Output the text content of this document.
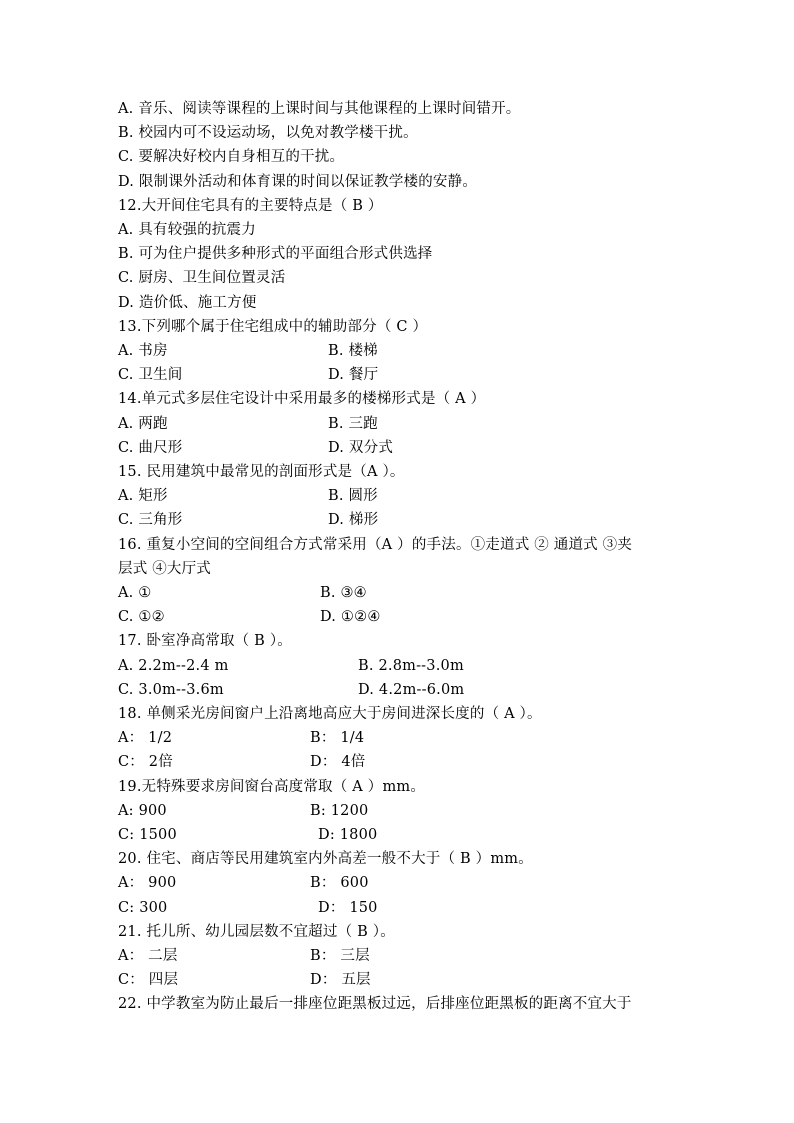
A. 音乐、阅读等课程的上课时间与其他课程的上课时间错开。
B. 校园内可不设运动场，以免对教学楼干扰。
C. 要解决好校内自身相互的干扰。
D. 限制课外活动和体育课的时间以保证教学楼的安静。
12.大开间住宅具有的主要特点是（ B ）
A. 具有较强的抗震力
B. 可为住户提供多种形式的平面组合形式供选择
C. 厨房、卫生间位置灵活
D. 造价低、施工方便
13.下列哪个属于住宅组成中的辅助部分（ C ）
A. 书房	B. 楼梯
C. 卫生间	D. 餐厅
14.单元式多层住宅设计中采用最多的楼梯形式是（ A ）
A. 两跑	B. 三跑
C. 曲尺形	D. 双分式
15. 民用建筑中最常见的剖面形式是（A ）。
A. 矩形	B. 圆形
C. 三角形	D. 梯形
16. 重复小空间的空间组合方式常采用（A ）的手法。①走道式 ② 通道式 ③夹
层式 ④大厅式
A. ①	B. ③④
C. ①②	D. ①②④
17. 卧室净高常取（ B ）。
A. 2.2m--2.4 m	B. 2.8m--3.0m
C. 3.0m--3.6m	D. 4.2m--6.0m
18. 单侧采光房间窗户上沿离地高应大于房间进深长度的（ A ）。
A： 1/2	B： 1/4
C： 2倍	D： 4倍
19.无特殊要求房间窗台高度常取（ A ）mm。
A: 900	B: 1200
C: 1500	D: 1800
20. 住宅、商店等民用建筑室内外高差一般不大于（ B ）mm。
A： 900	B： 600
C: 300	D： 150
21. 托儿所、幼儿园层数不宜超过（ B ）。
A： 二层	B： 三层
C： 四层	D： 五层
22. 中学教室为防止最后一排座位距黑板过远，后排座位距黑板的距离不宜大于
